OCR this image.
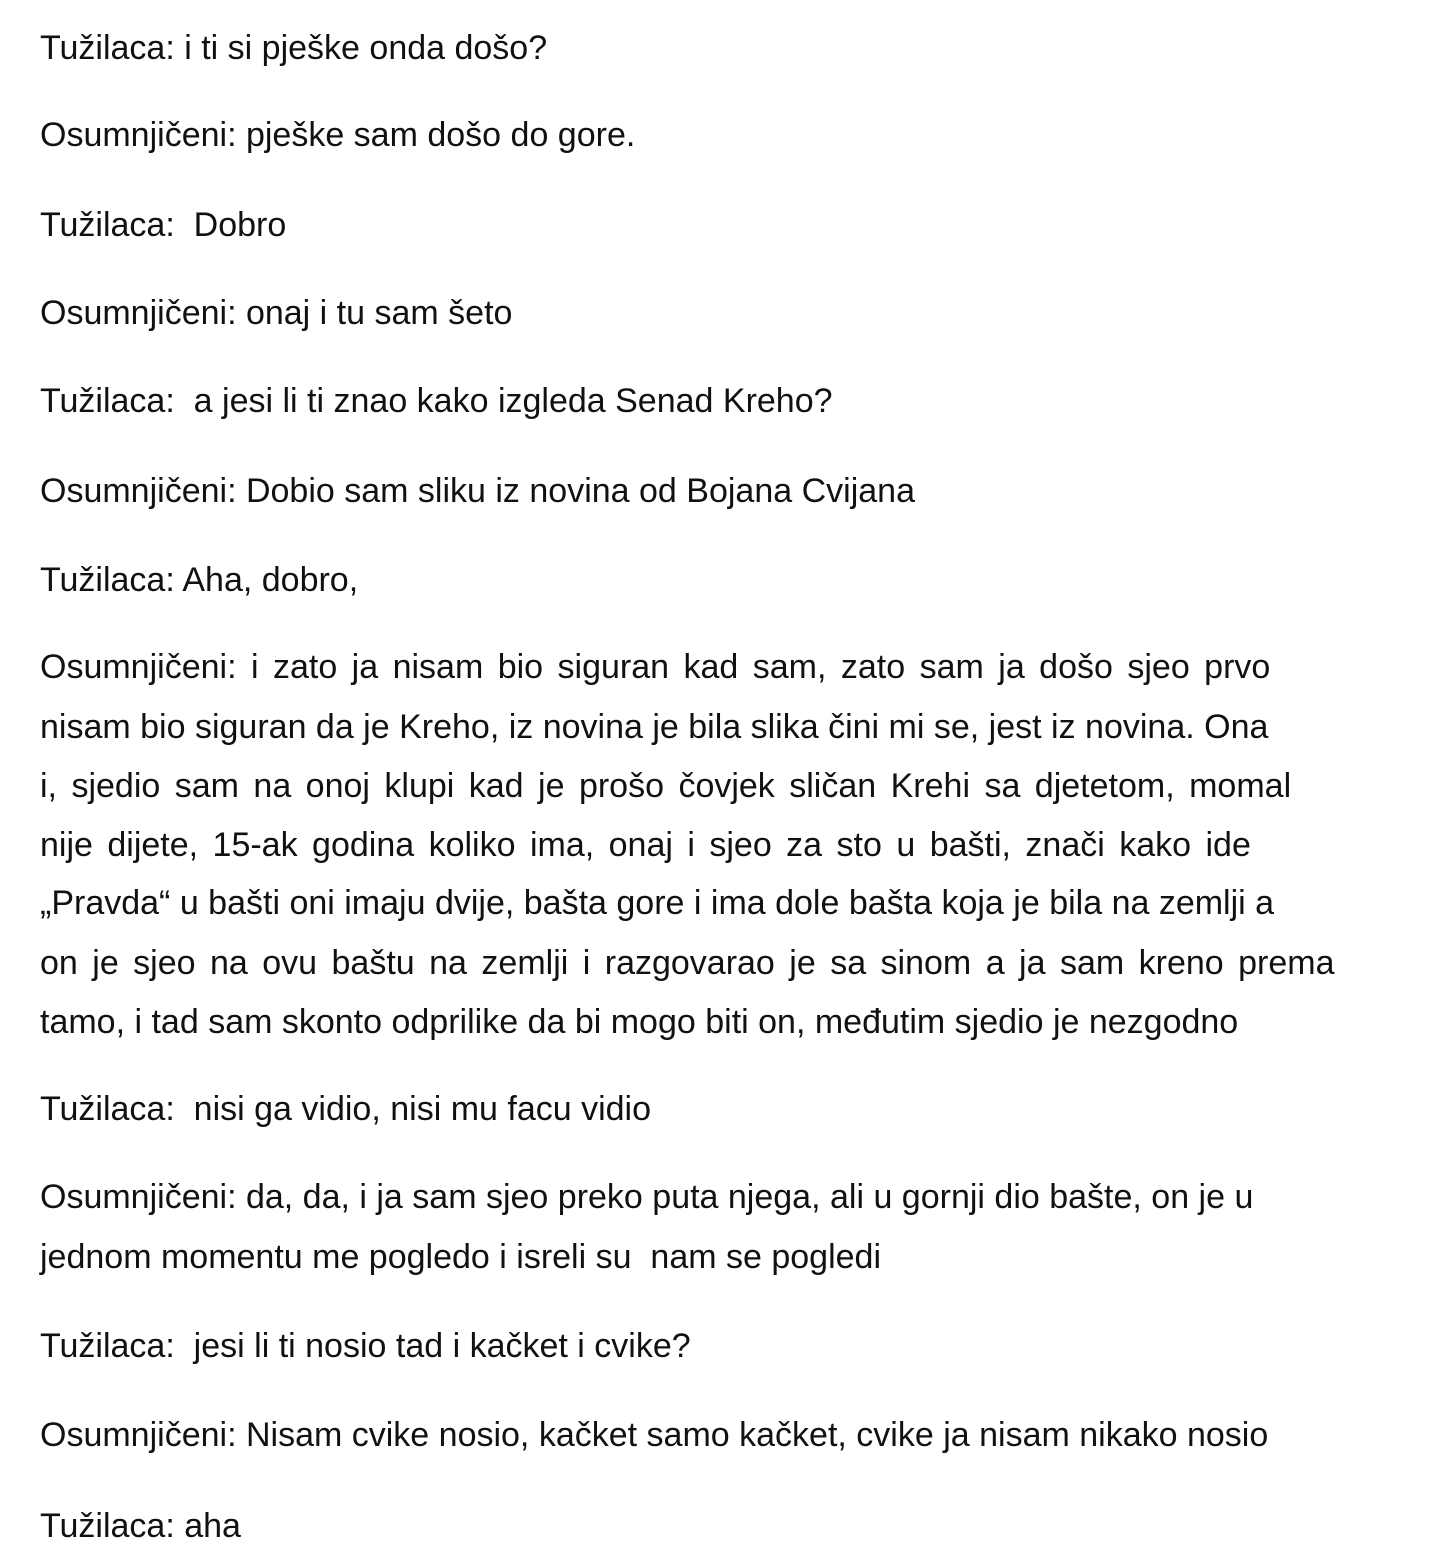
Tužilaca: i ti si pješke onda došo?
Osumnjičeni: pješke sam došo do gore.
Tužilaca:  Dobro
Osumnjičeni: onaj i tu sam šeto
Tužilaca:  a jesi li ti znao kako izgleda Senad Kreho?
Osumnjičeni: Dobio sam sliku iz novina od Bojana Cvijana
Tužilaca: Aha, dobro,
Osumnjičeni: i zato ja nisam bio siguran kad sam, zato sam ja došo sjeo prvo
nisam bio siguran da je Kreho, iz novina je bila slika čini mi se, jest iz novina. Ona
i, sjedio sam na onoj klupi kad je prošo čovjek sličan Krehi sa djetetom, momal
nije dijete, 15-ak godina koliko ima, onaj i sjeo za sto u bašti, znači kako ide
„Pravda“ u bašti oni imaju dvije, bašta gore i ima dole bašta koja je bila na zemlji a
on je sjeo na ovu baštu na zemlji i razgovarao je sa sinom a ja sam kreno prema
tamo, i tad sam skonto odprilike da bi mogo biti on, međutim sjedio je nezgodno
Tužilaca:  nisi ga vidio, nisi mu facu vidio
Osumnjičeni: da, da, i ja sam sjeo preko puta njega, ali u gornji dio bašte, on je u
jednom momentu me pogledo i isreli su  nam se pogledi
Tužilaca:  jesi li ti nosio tad i kačket i cvike?
Osumnjičeni: Nisam cvike nosio, kačket samo kačket, cvike ja nisam nikako nosio
Tužilaca: aha
